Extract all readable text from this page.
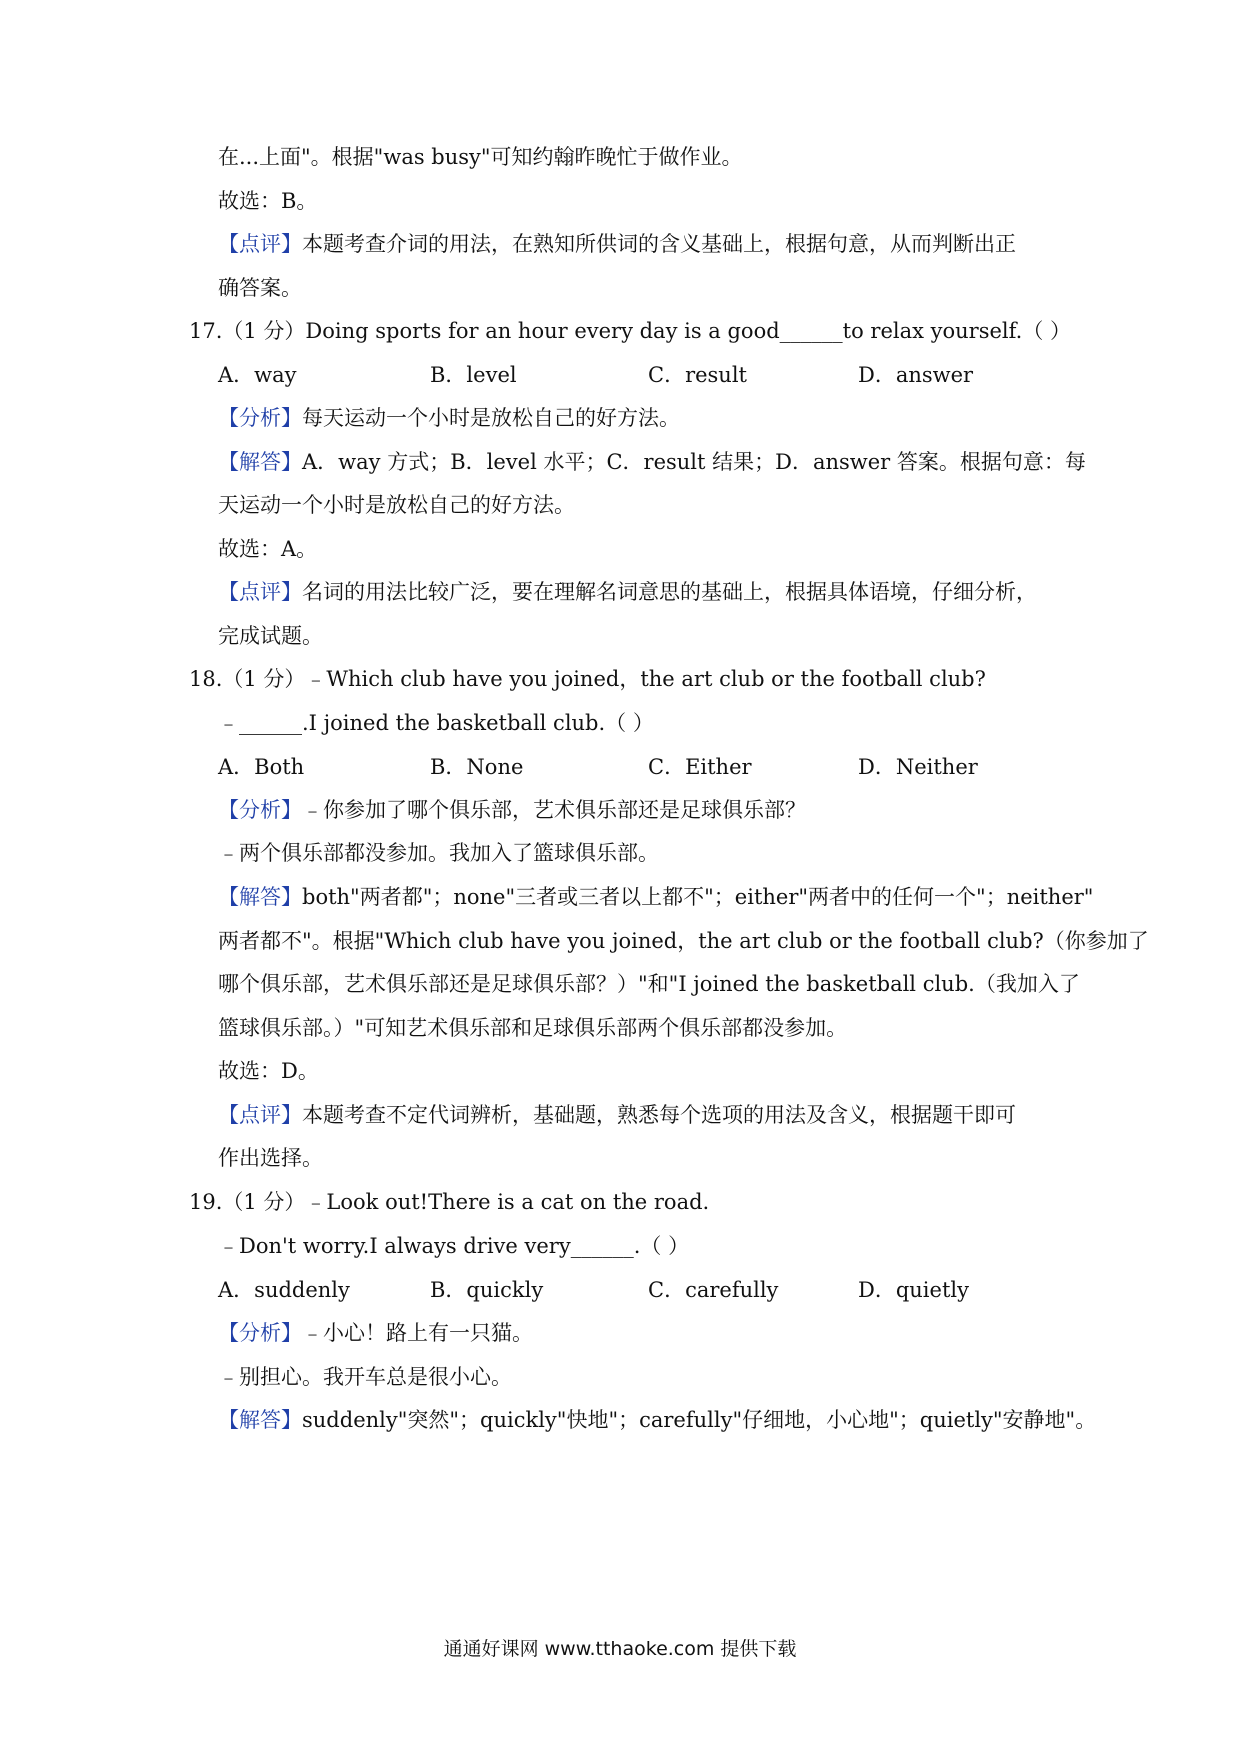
在...上面"。根据"was busy"可知约翰昨晚忙于做作业。
故选：B。
【点评】本题考查介词的用法，在熟知所供词的含义基础上，根据句意，从而判断出正
确答案。
17.（1 分）Doing sports for an hour every day is a good______to relax yourself.（ ）
A．way	B．level	C．result	D．answer
【分析】每天运动一个小时是放松自己的好方法。
【解答】A．way 方式；B．level 水平；C．result 结果；D．answer 答案。根据句意：每
天运动一个小时是放松自己的好方法。
故选：A。
【点评】名词的用法比较广泛，要在理解名词意思的基础上，根据具体语境，仔细分析，
完成试题。
18.（1 分）﹣Which club have you joined，the art club or the football club?
﹣______.I joined the basketball club.（ ）
A．Both	B．None	C．Either	D．Neither
【分析】﹣你参加了哪个俱乐部，艺术俱乐部还是足球俱乐部？
﹣两个俱乐部都没参加。我加入了篮球俱乐部。
【解答】both"两者都"；none"三者或三者以上都不"；either"两者中的任何一个"；neither"
两者都不"。根据"Which club have you joined，the art club or the football club?（你参加了
哪个俱乐部，艺术俱乐部还是足球俱乐部？）"和"I joined the basketball club.（我加入了
篮球俱乐部。）"可知艺术俱乐部和足球俱乐部两个俱乐部都没参加。
故选：D。
【点评】本题考查不定代词辨析，基础题，熟悉每个选项的用法及含义，根据题干即可
作出选择。
19.（1 分）﹣Look out!There is a cat on the road.
﹣Don't worry.I always drive very______.（ ）
A．suddenly	B．quickly	C．carefully	D．quietly
【分析】﹣小心！路上有一只猫。
﹣别担心。我开车总是很小心。
【解答】suddenly"突然"；quickly"快地"；carefully"仔细地，小心地"；quietly"安静地"。
通通好课网 www.tthaoke.com 提供下载
